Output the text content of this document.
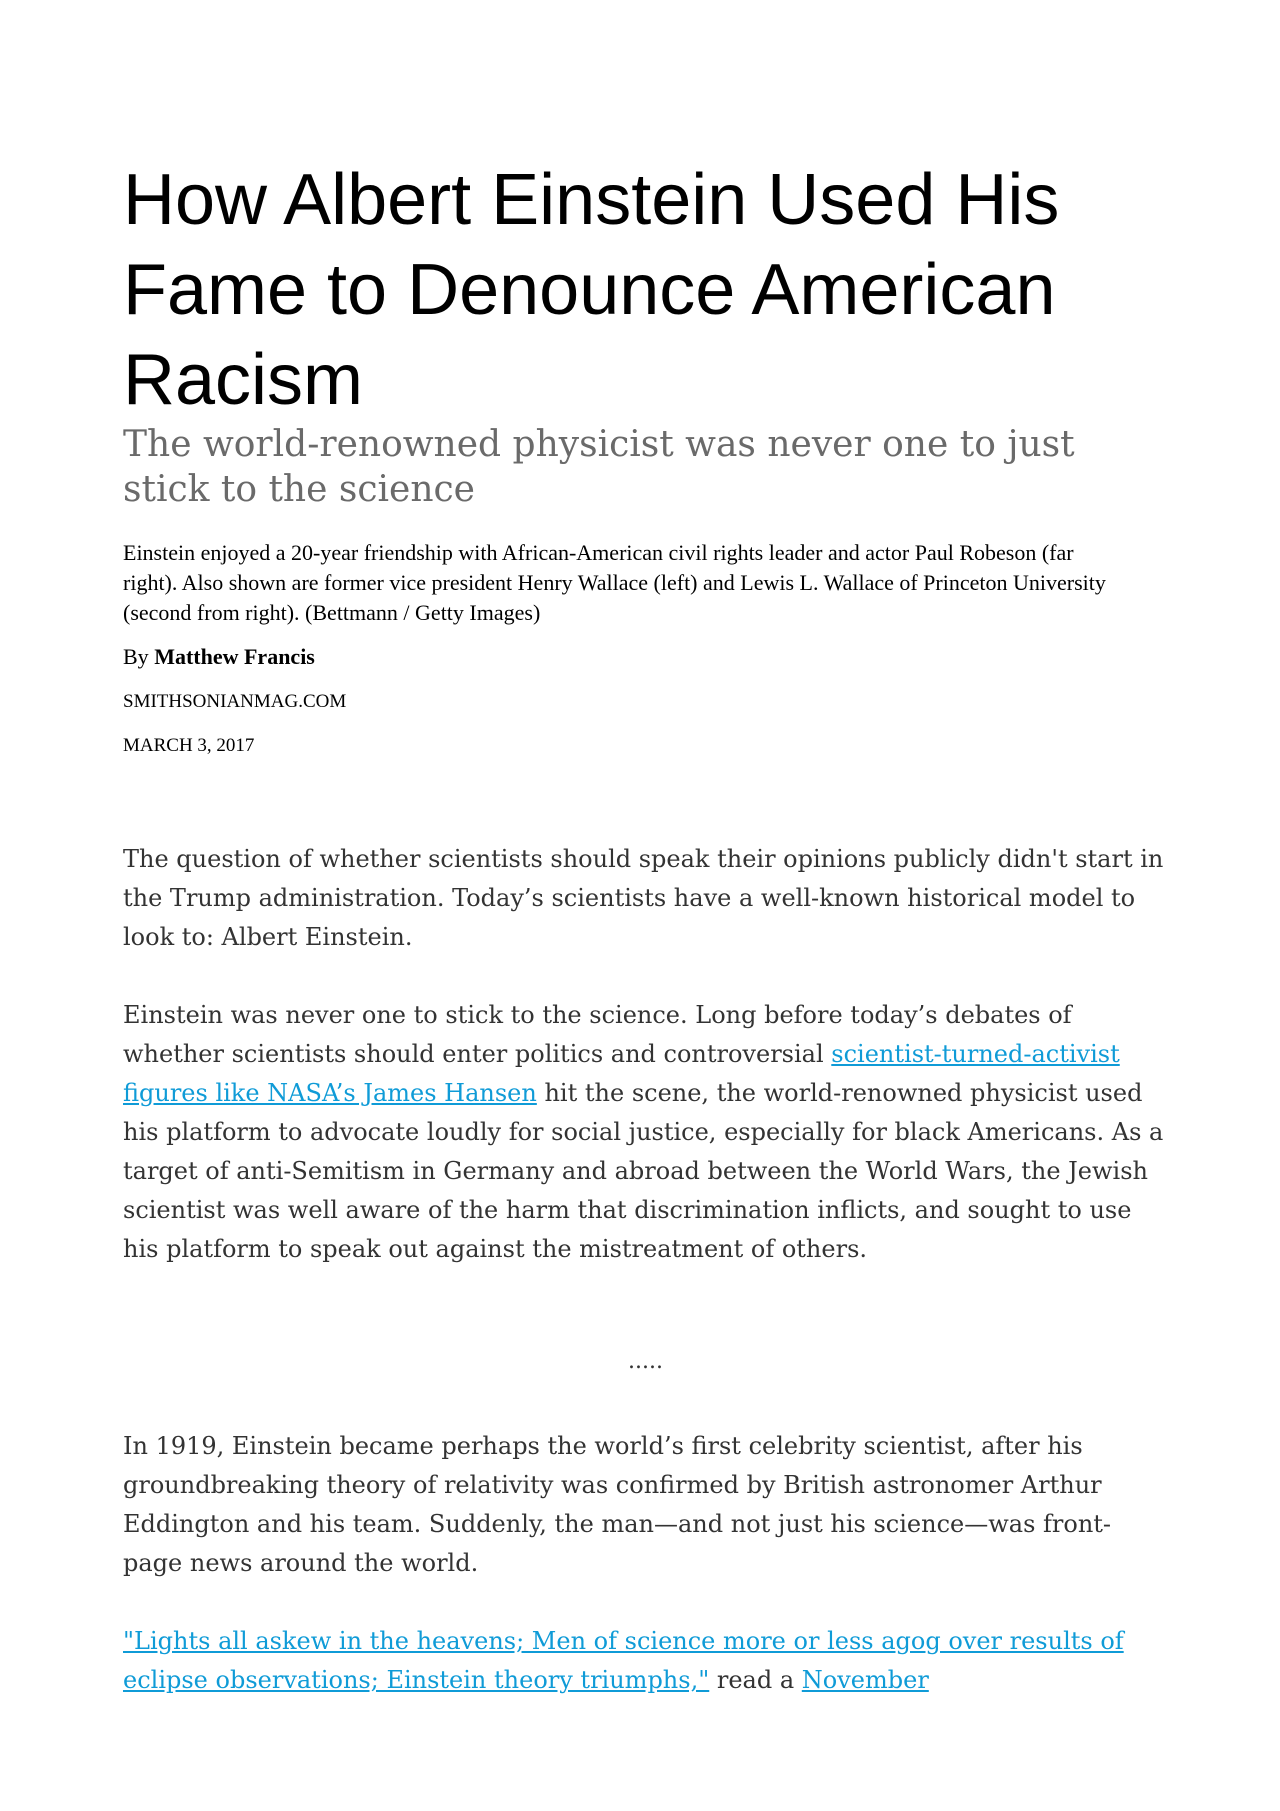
How Albert Einstein Used His Fame to Denounce American Racism
The world-renowned physicist was never one to just stick to the science

Einstein enjoyed a 20-year friendship with African-American civil rights leader and actor Paul Robeson (far right). Also shown are former vice president Henry Wallace (left) and Lewis L. Wallace of Princeton University (second from right). (Bettmann / Getty Images)

By Matthew Francis

SMITHSONIANMAG.COM

MARCH 3, 2017

The question of whether scientists should speak their opinions publicly didn't start in the Trump administration. Today’s scientists have a well-known historical model to look to: Albert Einstein.

Einstein was never one to stick to the science. Long before today’s debates of whether scientists should enter politics and controversial scientist-turned-activist figures like NASA’s James Hansen hit the scene, the world-renowned physicist used his platform to advocate loudly for social justice, especially for black Americans. As a target of anti-Semitism in Germany and abroad between the World Wars, the Jewish scientist was well aware of the harm that discrimination inflicts, and sought to use his platform to speak out against the mistreatment of others.

.....

In 1919, Einstein became perhaps the world’s first celebrity scientist, after his groundbreaking theory of relativity was confirmed by British astronomer Arthur Eddington and his team. Suddenly, the man—and not just his science—was front-page news around the world.

"Lights all askew in the heavens; Men of science more or less agog over results of eclipse observations; Einstein theory triumphs," read a November
